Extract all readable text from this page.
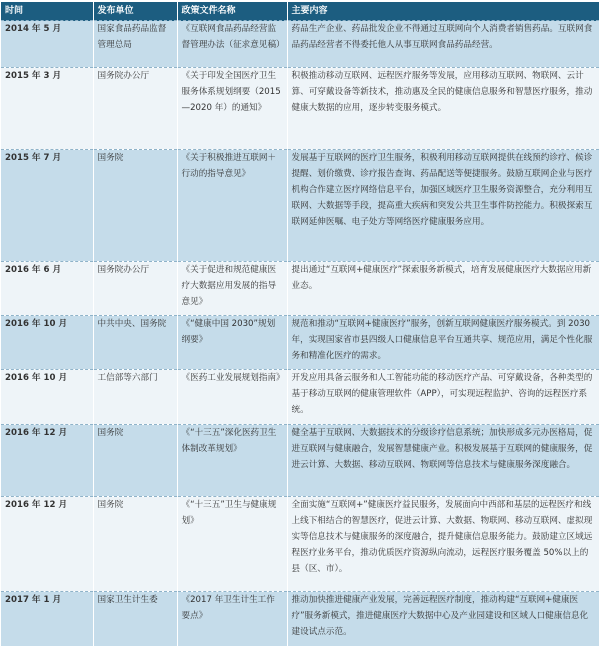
时间	发布单位	政策文件名称	主要内容
2014 年 5 月	国家食品药品监督管理总局	《互联网食品药品经营监督管理办法（征求意见稿）	药品生产企业、药品批发企业不得通过互联网向个人消费者销售药品。互联网食品药品经营者不得委托他人从事互联网食品药品经营。
2015 年 3 月	国务院办公厅	《关于印发全国医疗卫生服务体系规划纲要（2015—2020 年）的通知》	积极推动移动互联网、远程医疗服务等发展，应用移动互联网、物联网、云计算、可穿戴设备等新技术，推动惠及全民的健康信息服务和智慧医疗服务，推动健康大数据的应用，逐步转变服务模式。
2015 年 7 月	国务院	《关于积极推进互联网＋行动的指导意见》	发展基于互联网的医疗卫生服务，积极利用移动互联网提供在线预约诊疗、候诊提醒、划价缴费、诊疗报告查询、药品配送等便捷服务。鼓励互联网企业与医疗机构合作建立医疗网络信息平台，加强区域医疗卫生服务资源整合，充分利用互联网、大数据等手段，提高重大疾病和突发公共卫生事件防控能力。积极探索互联网延伸医嘱、电子处方等网络医疗健康服务应用。
2016 年 6 月	国务院办公厅	《关于促进和规范健康医疗大数据应用发展的指导意见》	提出通过“互联网+健康医疗”探索服务新模式，培育发展健康医疗大数据应用新业态。
2016 年 10 月	中共中央、国务院	《“健康中国 2030”规划纲要》	规范和推动“互联网+健康医疗”服务，创新互联网健康医疗服务模式。到 2030 年，实现国家省市县四级人口健康信息平台互通共享、规范应用，满足个性化服务和精准化医疗的需求。
2016 年 10 月	工信部等六部门	《医药工业发展规划指南》	开发应用具备云服务和人工智能功能的移动医疗产品、可穿戴设备，各种类型的基于移动互联网的健康管理软件（APP），可实现远程监护、咨询的远程医疗系统。
2016 年 12 月	国务院	《“十三五”深化医药卫生体制改革规划》	健全基于互联网、大数据技术的分级诊疗信息系统；加快形成多元办医格局，促进互联网与健康融合，发展智慧健康产业。积极发展基于互联网的健康服务，促进云计算、大数据、移动互联网、物联网等信息技术与健康服务深度融合。
2016 年 12 月	国务院	《“十三五”卫生与健康规划》	全面实施“互联网+”健康医疗益民服务，发展面向中西部和基层的远程医疗和线上线下相结合的智慧医疗，促进云计算、大数据、物联网、移动互联网、虚拟现实等信息技术与健康服务的深度融合，提升健康信息服务能力。鼓励建立区域远程医疗业务平台，推动优质医疗资源纵向流动，远程医疗服务覆盖 50%以上的县（区、市）。
2017 年 1 月	国家卫生计生委	《2017 年卫生计生工作要点》	推动加快推进健康产业发展，完善远程医疗制度，推动构建“互联网+健康医疗”服务新模式，推进健康医疗大数据中心及产业园建设和区域人口健康信息化建设试点示范。
